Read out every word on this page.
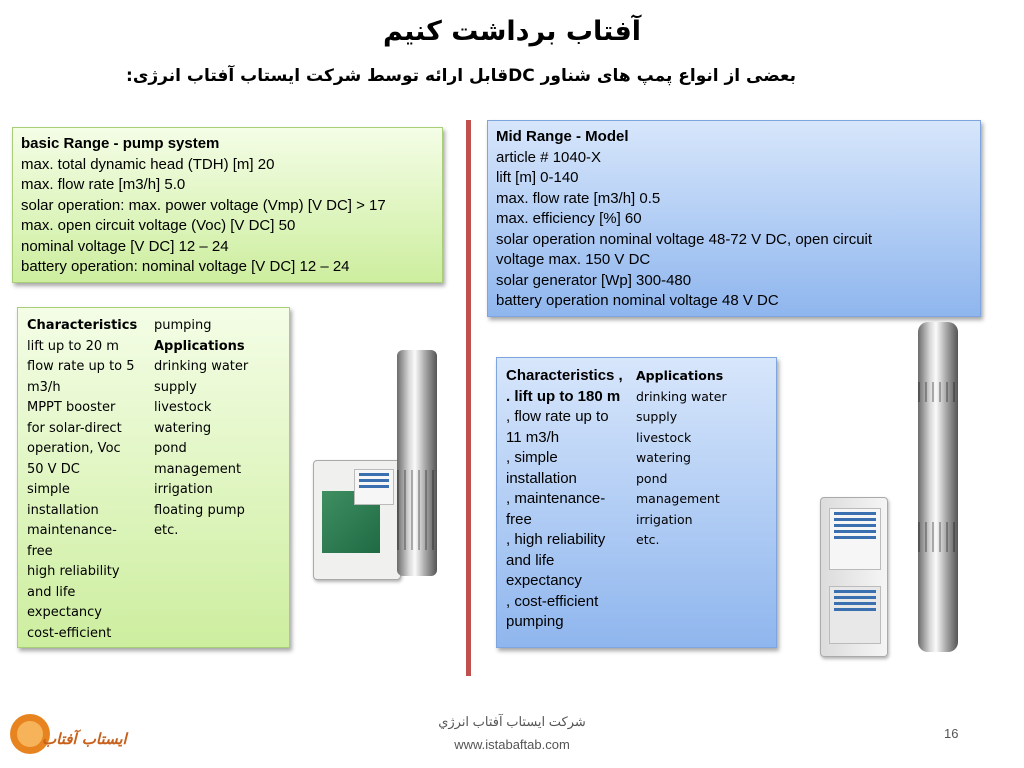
آفتاب برداشت کنیم
بعضی از انواع پمپ های شناور DCقابل ارائه توسط شرکت ایستاب آفتاب انرژی:
basic Range - pump system
max. total dynamic head (TDH) [m] 20
max. flow rate [m3/h] 5.0
solar operation: max. power voltage (Vmp) [V DC] > 17
max. open circuit voltage (Voc) [V DC] 50
nominal voltage [V DC] 12 – 24
battery operation: nominal voltage [V DC] 12 – 24
Characteristics
lift up to 20 m
flow rate up to 5
m3/h
MPPT booster
for solar-direct
operation, Voc
50 V DC
simple
installation
maintenance-
free
high reliability
and life
expectancy
cost-efficient
pumping
Applications
drinking water
supply
livestock
watering
pond
management
irrigation
floating pump
etc.
Mid Range - Model
article # 1040-X
lift [m] 0-140
max. flow rate [m3/h] 0.5
max. efficiency [%] 60
solar operation nominal voltage 48-72 V DC, open circuit
voltage max. 150 V DC
solar generator [Wp] 300-480
battery operation nominal voltage 48 V DC
Characteristics ,
. lift up to 180 m
, flow rate up to
11 m3/h
, simple
installation
, maintenance-
free
, high reliability
and life
expectancy
, cost-efficient
pumping
Applications
drinking water
supply
livestock
watering
pond
management
irrigation
etc.
شرکت ایستاب آفتاب انرژي
www.istabaftab.com
16
ایستاب آفتاب
